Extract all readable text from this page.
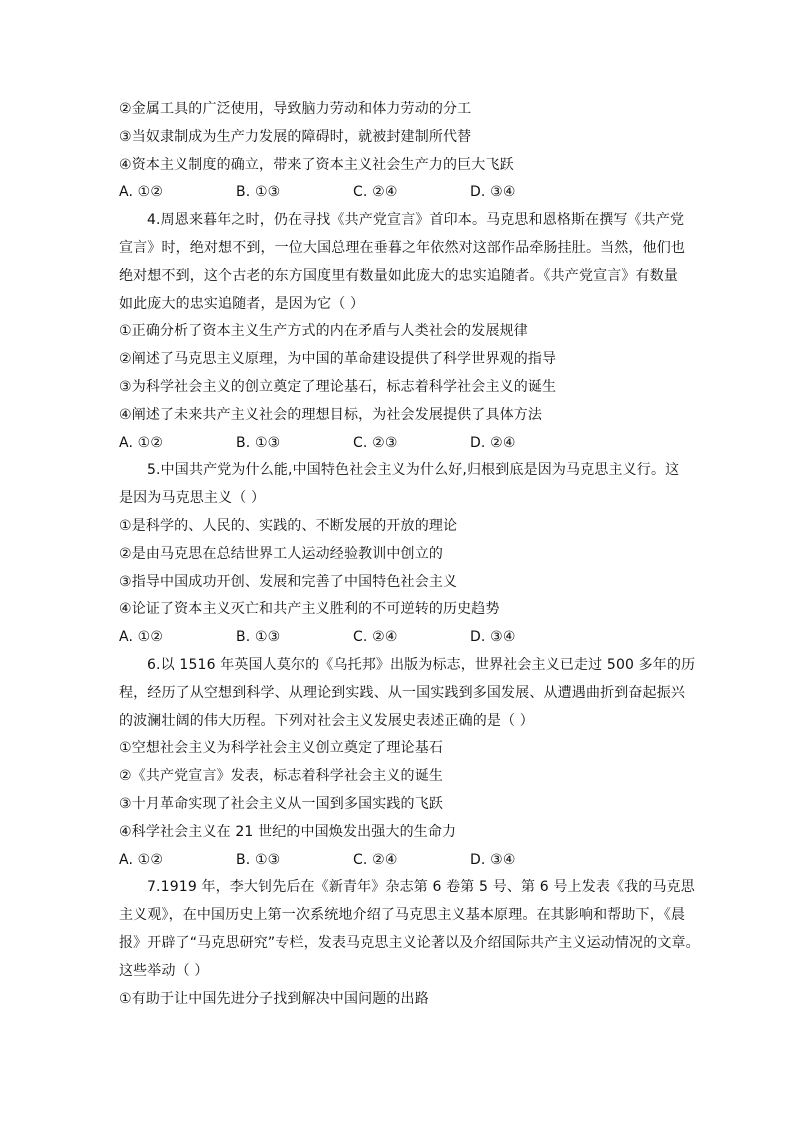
②金属工具的广泛使用，导致脑力劳动和体力劳动的分工
③当奴隶制成为生产力发展的障碍时，就被封建制所代替
④资本主义制度的确立，带来了资本主义社会生产力的巨大飞跃
A. ①②	B. ①③	C. ②④	D. ③④
4.周恩来暮年之时，仍在寻找《共产党宣言》首印本。马克思和恩格斯在撰写《共产党
宣言》时，绝对想不到，一位大国总理在垂暮之年依然对这部作品牵肠挂肚。当然，他们也
绝对想不到，这个古老的东方国度里有数量如此庞大的忠实追随者。《共产党宣言》有数量
如此庞大的忠实追随者，是因为它（ ）
①正确分析了资本主义生产方式的内在矛盾与人类社会的发展规律
②阐述了马克思主义原理，为中国的革命建设提供了科学世界观的指导
③为科学社会主义的创立奠定了理论基石，标志着科学社会主义的诞生
④阐述了未来共产主义社会的理想目标，为社会发展提供了具体方法
A. ①②	B. ①③	C. ②③	D. ②④
5.中国共产党为什么能,中国特色社会主义为什么好,归根到底是因为马克思主义行。这
是因为马克思主义（ ）
①是科学的、人民的、实践的、不断发展的开放的理论
②是由马克思在总结世界工人运动经验教训中创立的
③指导中国成功开创、发展和完善了中国特色社会主义
④论证了资本主义灭亡和共产主义胜利的不可逆转的历史趋势
A. ①②	B. ①③	C. ②④	D. ③④
6.以 1516 年英国人莫尔的《乌托邦》出版为标志，世界社会主义已走过 500 多年的历
程，经历了从空想到科学、从理论到实践、从一国实践到多国发展、从遭遇曲折到奋起振兴
的波澜壮阔的伟大历程。下列对社会主义发展史表述正确的是（ ）
①空想社会主义为科学社会主义创立奠定了理论基石
②《共产党宣言》发表，标志着科学社会主义的诞生
③十月革命实现了社会主义从一国到多国实践的飞跃
④科学社会主义在 21 世纪的中国焕发出强大的生命力
A. ①②	B. ①③	C. ②④	D. ③④
7.1919 年，李大钊先后在《新青年》杂志第 6 卷第 5 号、第 6 号上发表《我的马克思
主义观》，在中国历史上第一次系统地介绍了马克思主义基本原理。在其影响和帮助下，《晨
报》开辟了“马克思研究”专栏，发表马克思主义论著以及介绍国际共产主义运动情况的文章。
这些举动（ ）
①有助于让中国先进分子找到解决中国问题的出路
